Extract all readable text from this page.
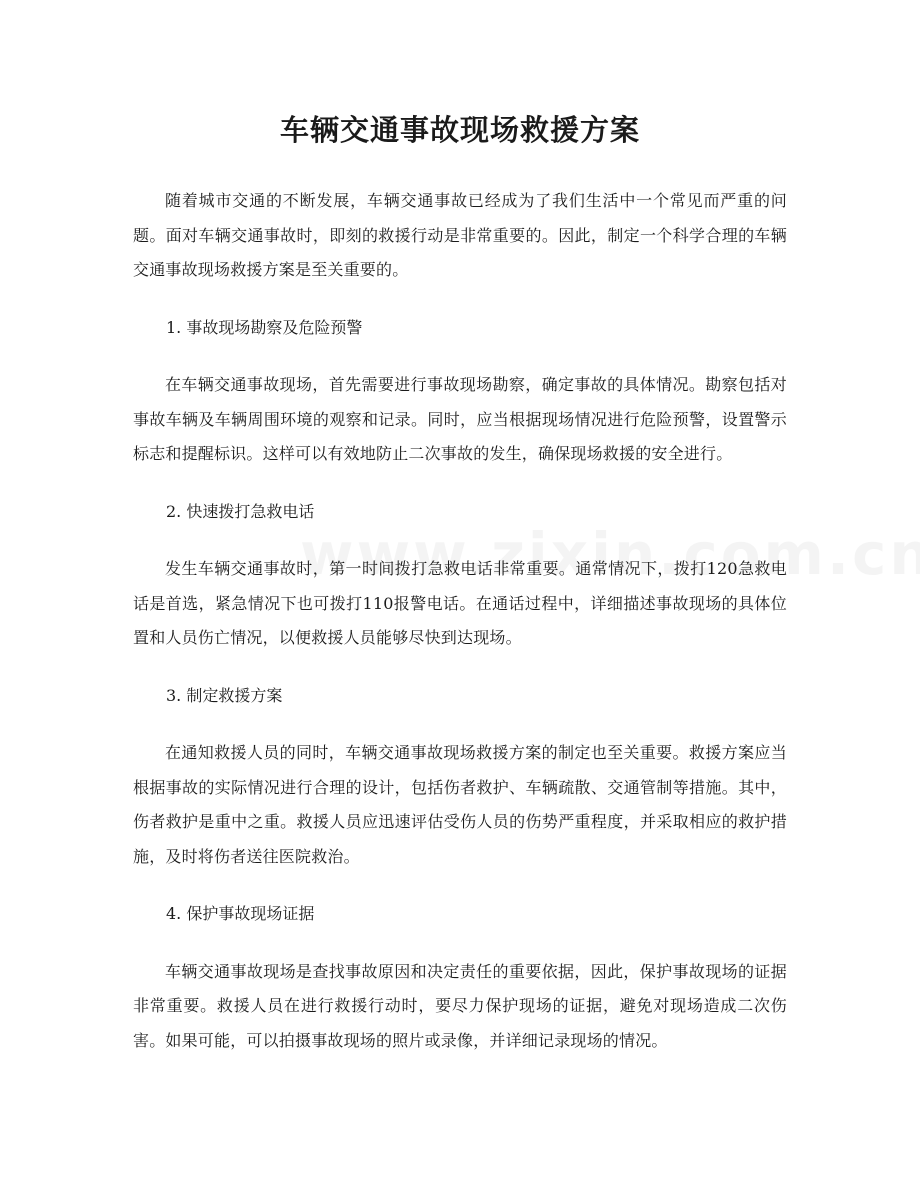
车辆交通事故现场救援方案

随着城市交通的不断发展，车辆交通事故已经成为了我们生活中一个常见而严重的问题。面对车辆交通事故时，即刻的救援行动是非常重要的。因此，制定一个科学合理的车辆交通事故现场救援方案是至关重要的。

1. 事故现场勘察及危险预警

在车辆交通事故现场，首先需要进行事故现场勘察，确定事故的具体情况。勘察包括对事故车辆及车辆周围环境的观察和记录。同时，应当根据现场情况进行危险预警，设置警示标志和提醒标识。这样可以有效地防止二次事故的发生，确保现场救援的安全进行。

2. 快速拨打急救电话

发生车辆交通事故时，第一时间拨打急救电话非常重要。通常情况下，拨打120急救电话是首选，紧急情况下也可拨打110报警电话。在通话过程中，详细描述事故现场的具体位置和人员伤亡情况，以便救援人员能够尽快到达现场。

3. 制定救援方案

在通知救援人员的同时，车辆交通事故现场救援方案的制定也至关重要。救援方案应当根据事故的实际情况进行合理的设计，包括伤者救护、车辆疏散、交通管制等措施。其中，伤者救护是重中之重。救援人员应迅速评估受伤人员的伤势严重程度，并采取相应的救护措施，及时将伤者送往医院救治。

4. 保护事故现场证据

车辆交通事故现场是查找事故原因和决定责任的重要依据，因此，保护事故现场的证据非常重要。救援人员在进行救援行动时，要尽力保护现场的证据，避免对现场造成二次伤害。如果可能，可以拍摄事故现场的照片或录像，并详细记录现场的情况。
